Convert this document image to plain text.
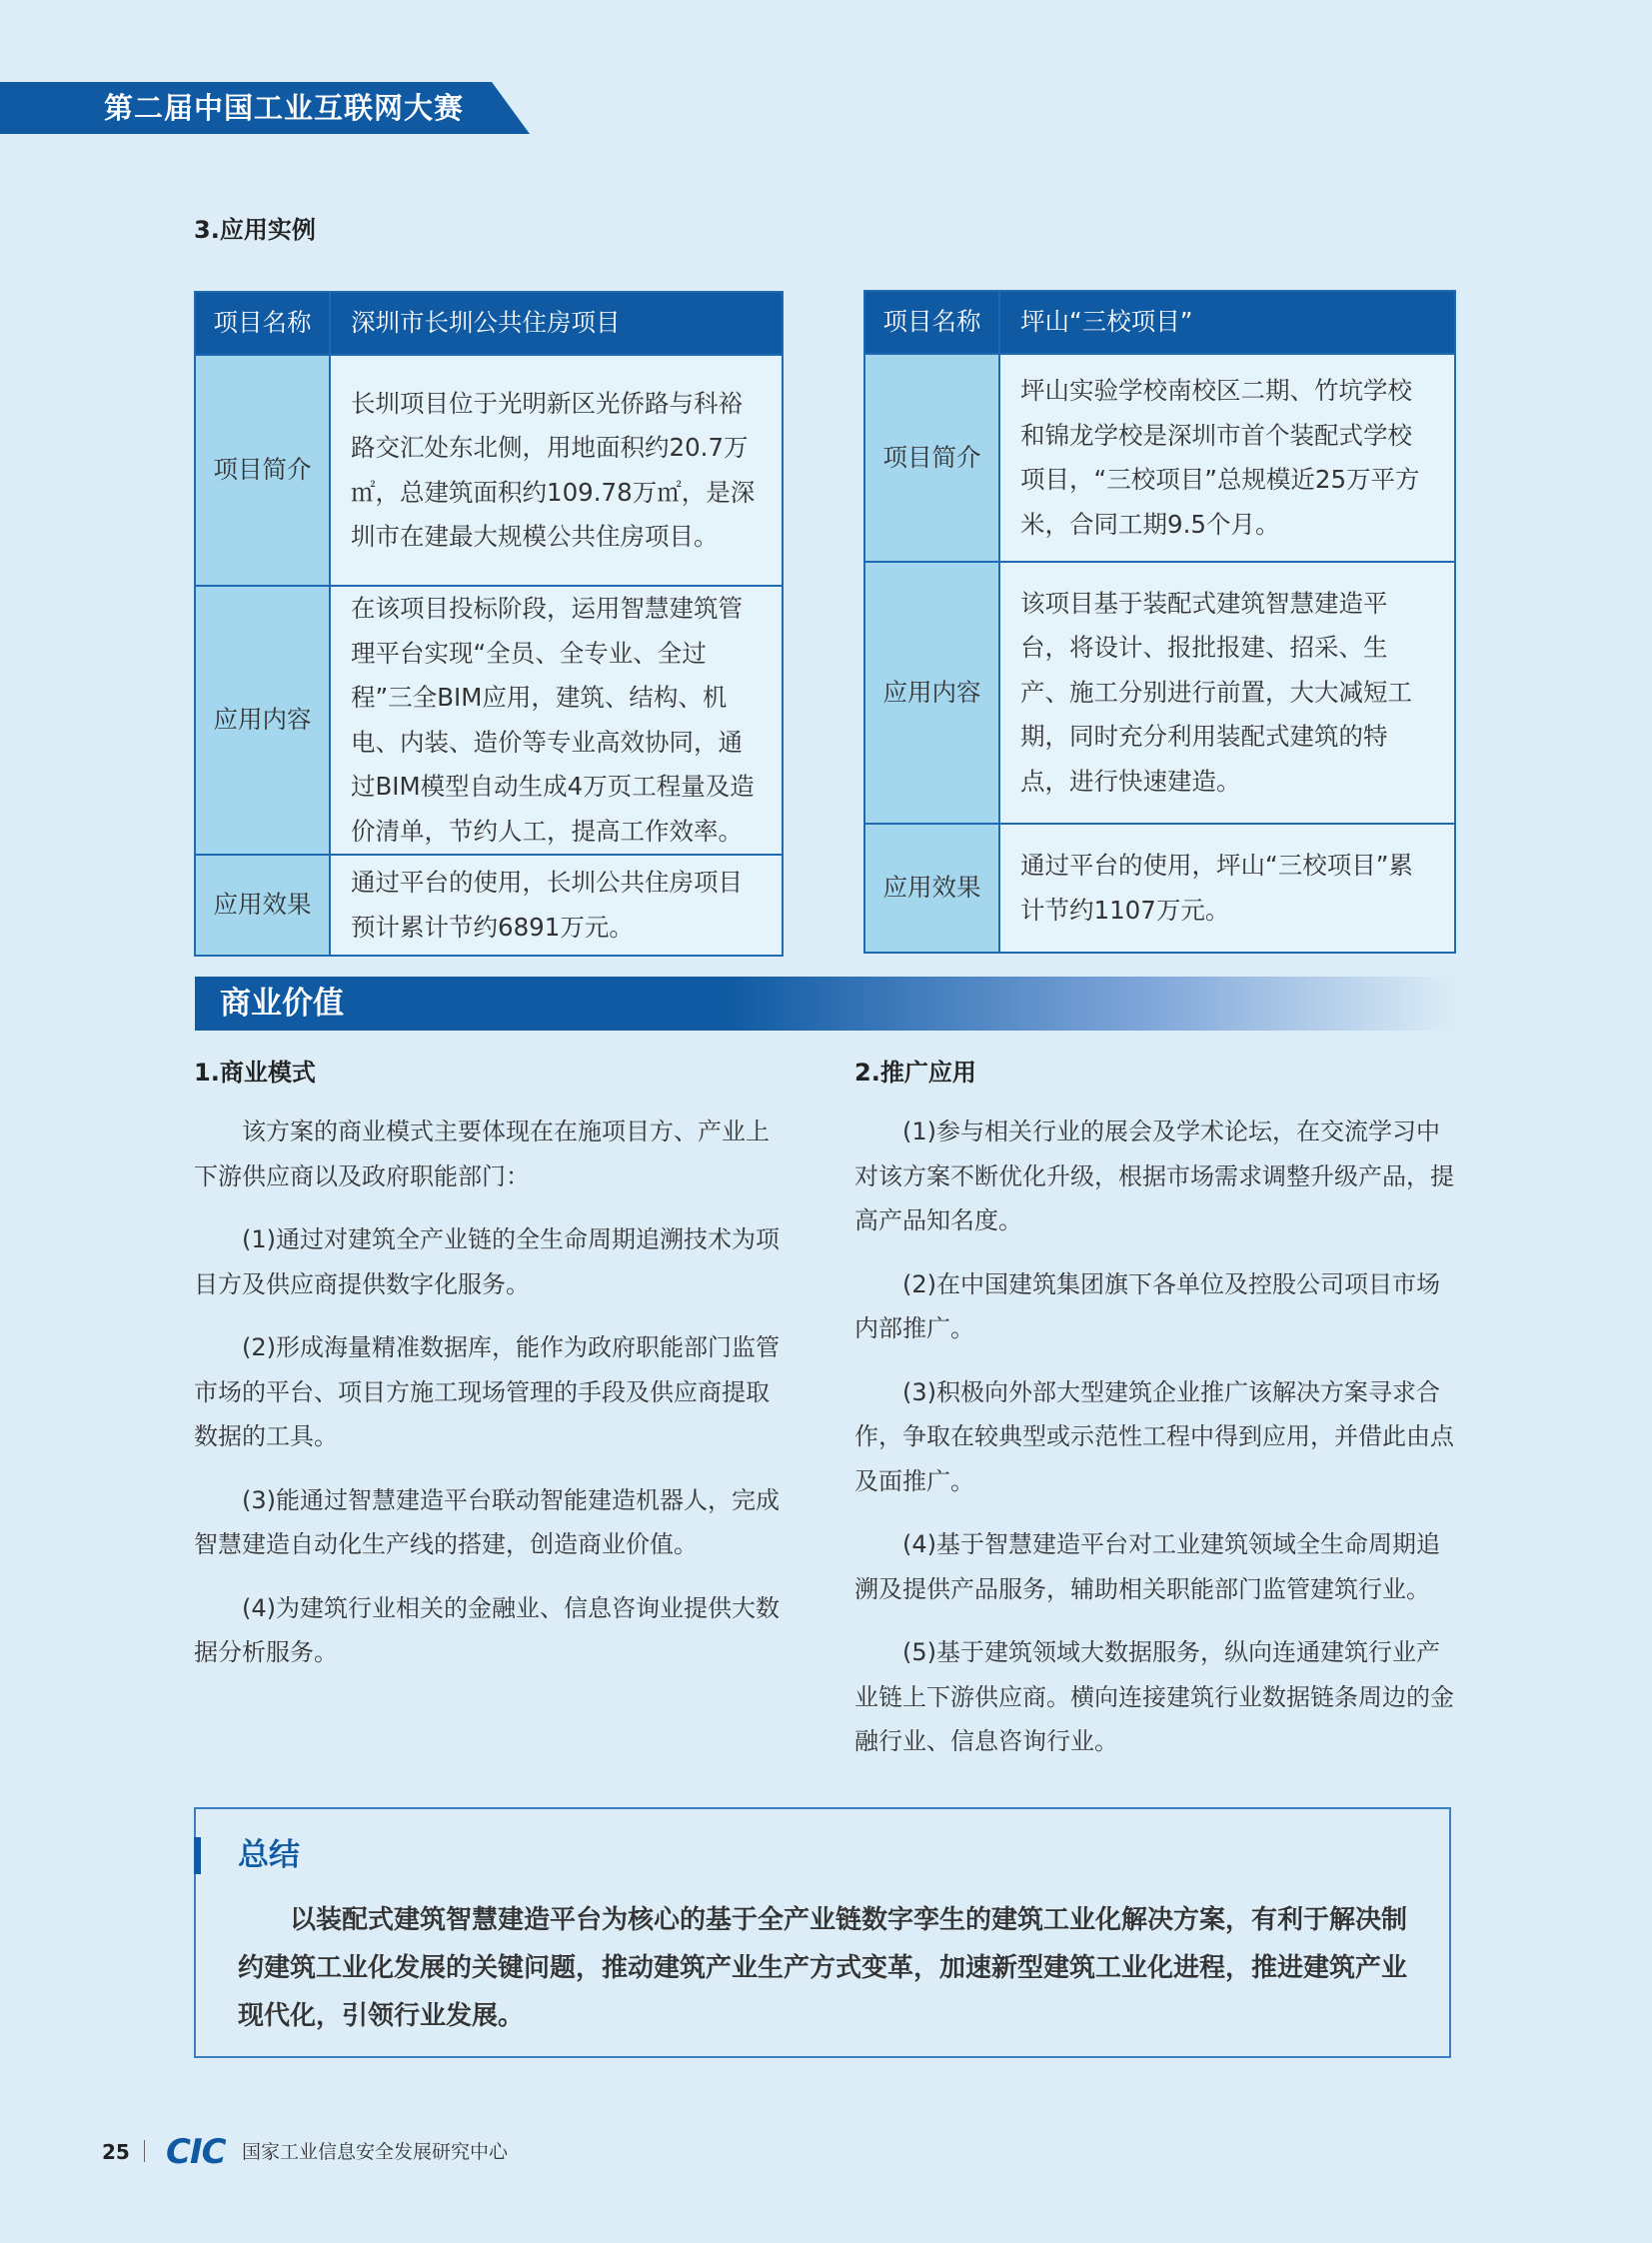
第二届中国工业互联网大赛
3.应用实例
项目名称	深圳市长圳公共住房项目
项目简介	长圳项目位于光明新区光侨路与科裕路交汇处东北侧，用地面积约20.7万㎡，总建筑面积约109.78万㎡，是深圳市在建最大规模公共住房项目。
应用内容	在该项目投标阶段，运用智慧建筑管理平台实现“全员、全专业、全过程”三全BIM应用，建筑、结构、机电、内装、造价等专业高效协同，通过BIM模型自动生成4万页工程量及造价清单，节约人工，提高工作效率。
应用效果	通过平台的使用，长圳公共住房项目预计累计节约6891万元。
项目名称	坪山“三校项目”
项目简介	坪山实验学校南校区二期、竹坑学校和锦龙学校是深圳市首个装配式学校项目，“三校项目”总规模近25万平方米，合同工期9.5个月。
应用内容	该项目基于装配式建筑智慧建造平台，将设计、报批报建、招采、生产、施工分别进行前置，大大减短工期，同时充分利用装配式建筑的特点，进行快速建造。
应用效果	通过平台的使用，坪山“三校项目”累计节约1107万元。
商业价值
1.商业模式

该方案的商业模式主要体现在在施项目方、产业上下游供应商以及政府职能部门：

(1)通过对建筑全产业链的全生命周期追溯技术为项目方及供应商提供数字化服务。

(2)形成海量精准数据库，能作为政府职能部门监管市场的平台、项目方施工现场管理的手段及供应商提取数据的工具。

(3)能通过智慧建造平台联动智能建造机器人，完成智慧建造自动化生产线的搭建，创造商业价值。

(4)为建筑行业相关的金融业、信息咨询业提供大数据分析服务。

2.推广应用

(1)参与相关行业的展会及学术论坛，在交流学习中对该方案不断优化升级，根据市场需求调整升级产品，提高产品知名度。

(2)在中国建筑集团旗下各单位及控股公司项目市场内部推广。

(3)积极向外部大型建筑企业推广该解决方案寻求合作，争取在较典型或示范性工程中得到应用，并借此由点及面推广。

(4)基于智慧建造平台对工业建筑领域全生命周期追溯及提供产品服务，辅助相关职能部门监管建筑行业。

(5)基于建筑领域大数据服务，纵向连通建筑行业产业链上下游供应商。横向连接建筑行业数据链条周边的金融行业、信息咨询行业。

总结
以装配式建筑智慧建造平台为核心的基于全产业链数字孪生的建筑工业化解决方案，有利于解决制约建筑工业化发展的关键问题，推动建筑产业生产方式变革，加速新型建筑工业化进程，推进建筑产业现代化，引领行业发展。
25 CIC 国家工业信息安全发展研究中心
